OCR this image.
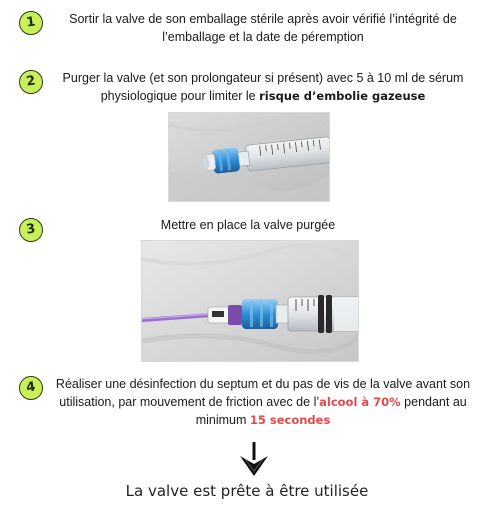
1	Sortir la valve de son emballage stérile après avoir vérifié l’intégrité de
l’emballage et la date de péremption
2	Purger la valve (et son prolongateur si présent) avec 5 à 10 ml de sérum
physiologique pour limiter le risque d’embolie gazeuse
3	Mettre en place la valve purgée
4	Réaliser une désinfection du septum et du pas de vis de la valve avant son
utilisation, par mouvement de friction avec de l’alcool à 70% pendant au
minimum 15 secondes
La valve est prête à être utilisée
